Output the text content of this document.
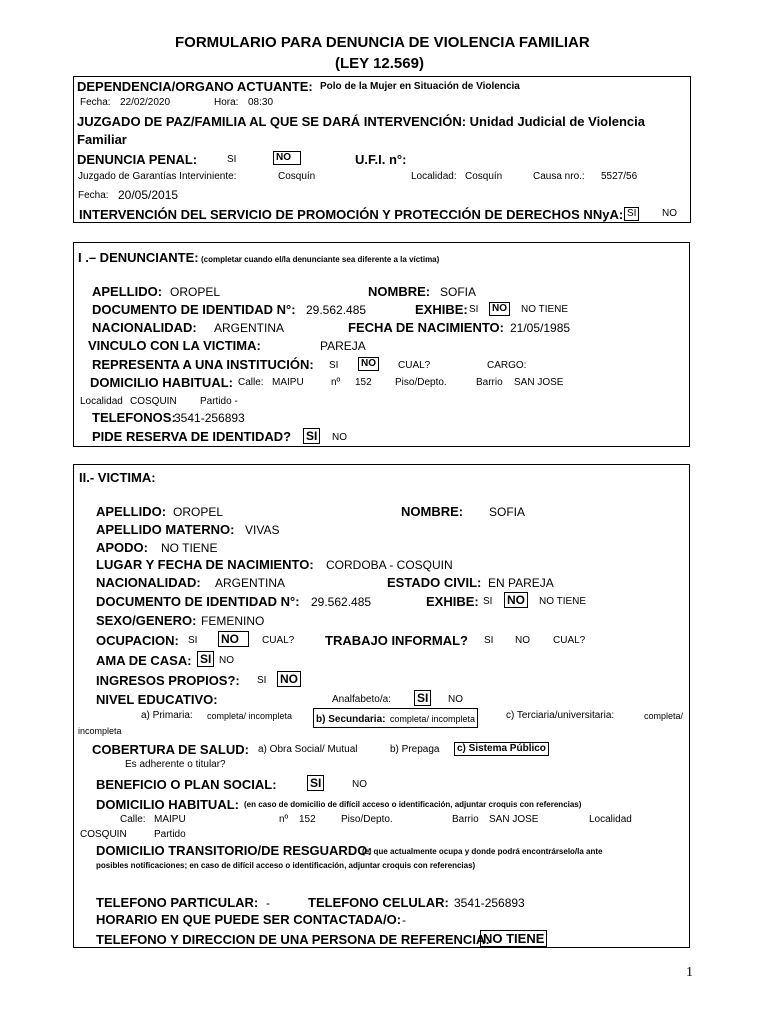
FORMULARIO PARA DENUNCIA DE VIOLENCIA FAMILIAR
(LEY 12.569)
DEPENDENCIA/ORGANO ACTUANTE: Polo de la Mujer en Situación de Violencia
Fecha: 22/02/2020	Hora: 08:30
JUZGADO DE PAZ/FAMILIA AL QUE SE DARÁ INTERVENCIÓN: Unidad Judicial de Violencia
Familiar
DENUNCIA PENAL:	SI	NO	U.F.I. n°:
Juzgado de Garantías Interviniente:	Cosquín	Localidad: Cosquín	Causa nro.: 5527/56
Fecha: 20/05/2015
INTERVENCIÓN DEL SERVICIO DE PROMOCIÓN Y PROTECCIÓN DE DERECHOS NNyA: SI	NO
I .– DENUNCIANTE: (completar cuando el/la denunciante sea diferente a la víctima)
APELLIDO: OROPEL	NOMBRE: SOFIA
DOCUMENTO DE IDENTIDAD N°: 29.562.485	EXHIBE: SI	NO	NO TIENE
NACIONALIDAD: ARGENTINA	FECHA DE NACIMIENTO: 21/05/1985
VINCULO CON LA VICTIMA:	PAREJA
REPRESENTA A UNA INSTITUCIÓN: SI	NO	CUAL?	CARGO:
DOMICILIO HABITUAL: Calle: MAIPU	nº 152 Piso/Depto.	Barrio SAN JOSE
Localidad COSQUIN Partido -
TELEFONOS:
3541-256893
PIDE RESERVA DE IDENTIDAD? SI	NO
II.- VICTIMA:
APELLIDO: OROPEL	NOMBRE: SOFIA
APELLIDO MATERNO: VIVAS
APODO: NO TIENE
LUGAR Y FECHA DE NACIMIENTO: CORDOBA - COSQUIN
NACIONALIDAD: ARGENTINA	ESTADO CIVIL: EN PAREJA
DOCUMENTO DE IDENTIDAD N°: 29.562.485	EXHIBE: SI NO	NO TIENE
SEXO/GENERO: FEMENINO
OCUPACION: SI NO	CUAL? TRABAJO INFORMAL? SI NO CUAL?
AMA DE CASA: SI NO
INGRESOS PROPIOS?: SI NO
NIVEL EDUCATIVO:	Analfabeto/a: SI	NO
a) Primaria: completa/ incompleta	b) Secundaria: completa/ incompleta	c) Terciaria/universitaria:	completa/
incompleta
COBERTURA DE SALUD: a) Obra Social/ Mutual	b) Prepaga	c) Sistema Público
Es adherente o titular?
BENEFICIO O PLAN SOCIAL:	SI	NO
DOMICILIO HABITUAL: (en caso de domicilio de difícil acceso o identificación, adjuntar croquis con referencias)
Calle: MAIPU	nº 152	Piso/Depto.	Barrio SAN JOSE	Localidad
COSQUIN	Partido
DOMICILIO TRANSITORIO/DE RESGUARDO:
(el que actualmente ocupa y donde podrá encontrárselo/la ante
posibles notificaciones; en caso de difícil acceso o identificación, adjuntar croquis con referencias)
TELEFONO PARTICULAR: -	TELEFONO CELULAR: 3541-256893
HORARIO EN QUE PUEDE SER CONTACTADA/O: -
TELEFONO Y DIRECCION DE UNA PERSONA DE REFERENCIA:
NO TIENE
1
